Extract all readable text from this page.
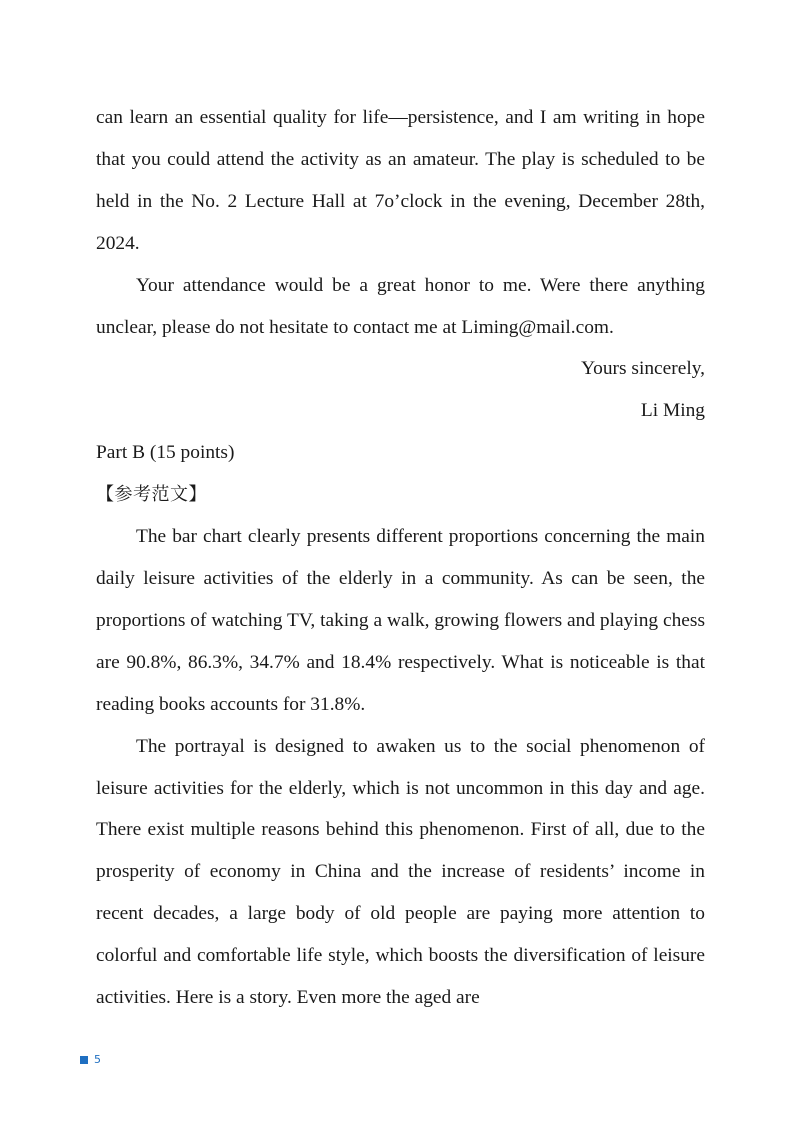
can learn an essential quality for life—persistence, and I am writing in hope that you could attend the activity as an amateur. The play is scheduled to be held in the No. 2 Lecture Hall at 7o’clock in the evening, December 28th, 2024.

Your attendance would be a great honor to me. Were there anything unclear, please do not hesitate to contact me at Liming@mail.com.

Yours sincerely,

Li Ming

Part B (15 points)

【参考范文】

The bar chart clearly presents different proportions concerning the main daily leisure activities of the elderly in a community. As can be seen, the proportions of watching TV, taking a walk, growing flowers and playing chess are 90.8%, 86.3%, 34.7% and 18.4% respectively. What is noticeable is that reading books accounts for 31.8%.

The portrayal is designed to awaken us to the social phenomenon of leisure activities for the elderly, which is not uncommon in this day and age. There exist multiple reasons behind this phenomenon. First of all, due to the prosperity of economy in China and the increase of residents’ income in recent decades, a large body of old people are paying more attention to colorful and comfortable life style, which boosts the diversification of leisure activities. Here is a story. Even more the aged are

5
